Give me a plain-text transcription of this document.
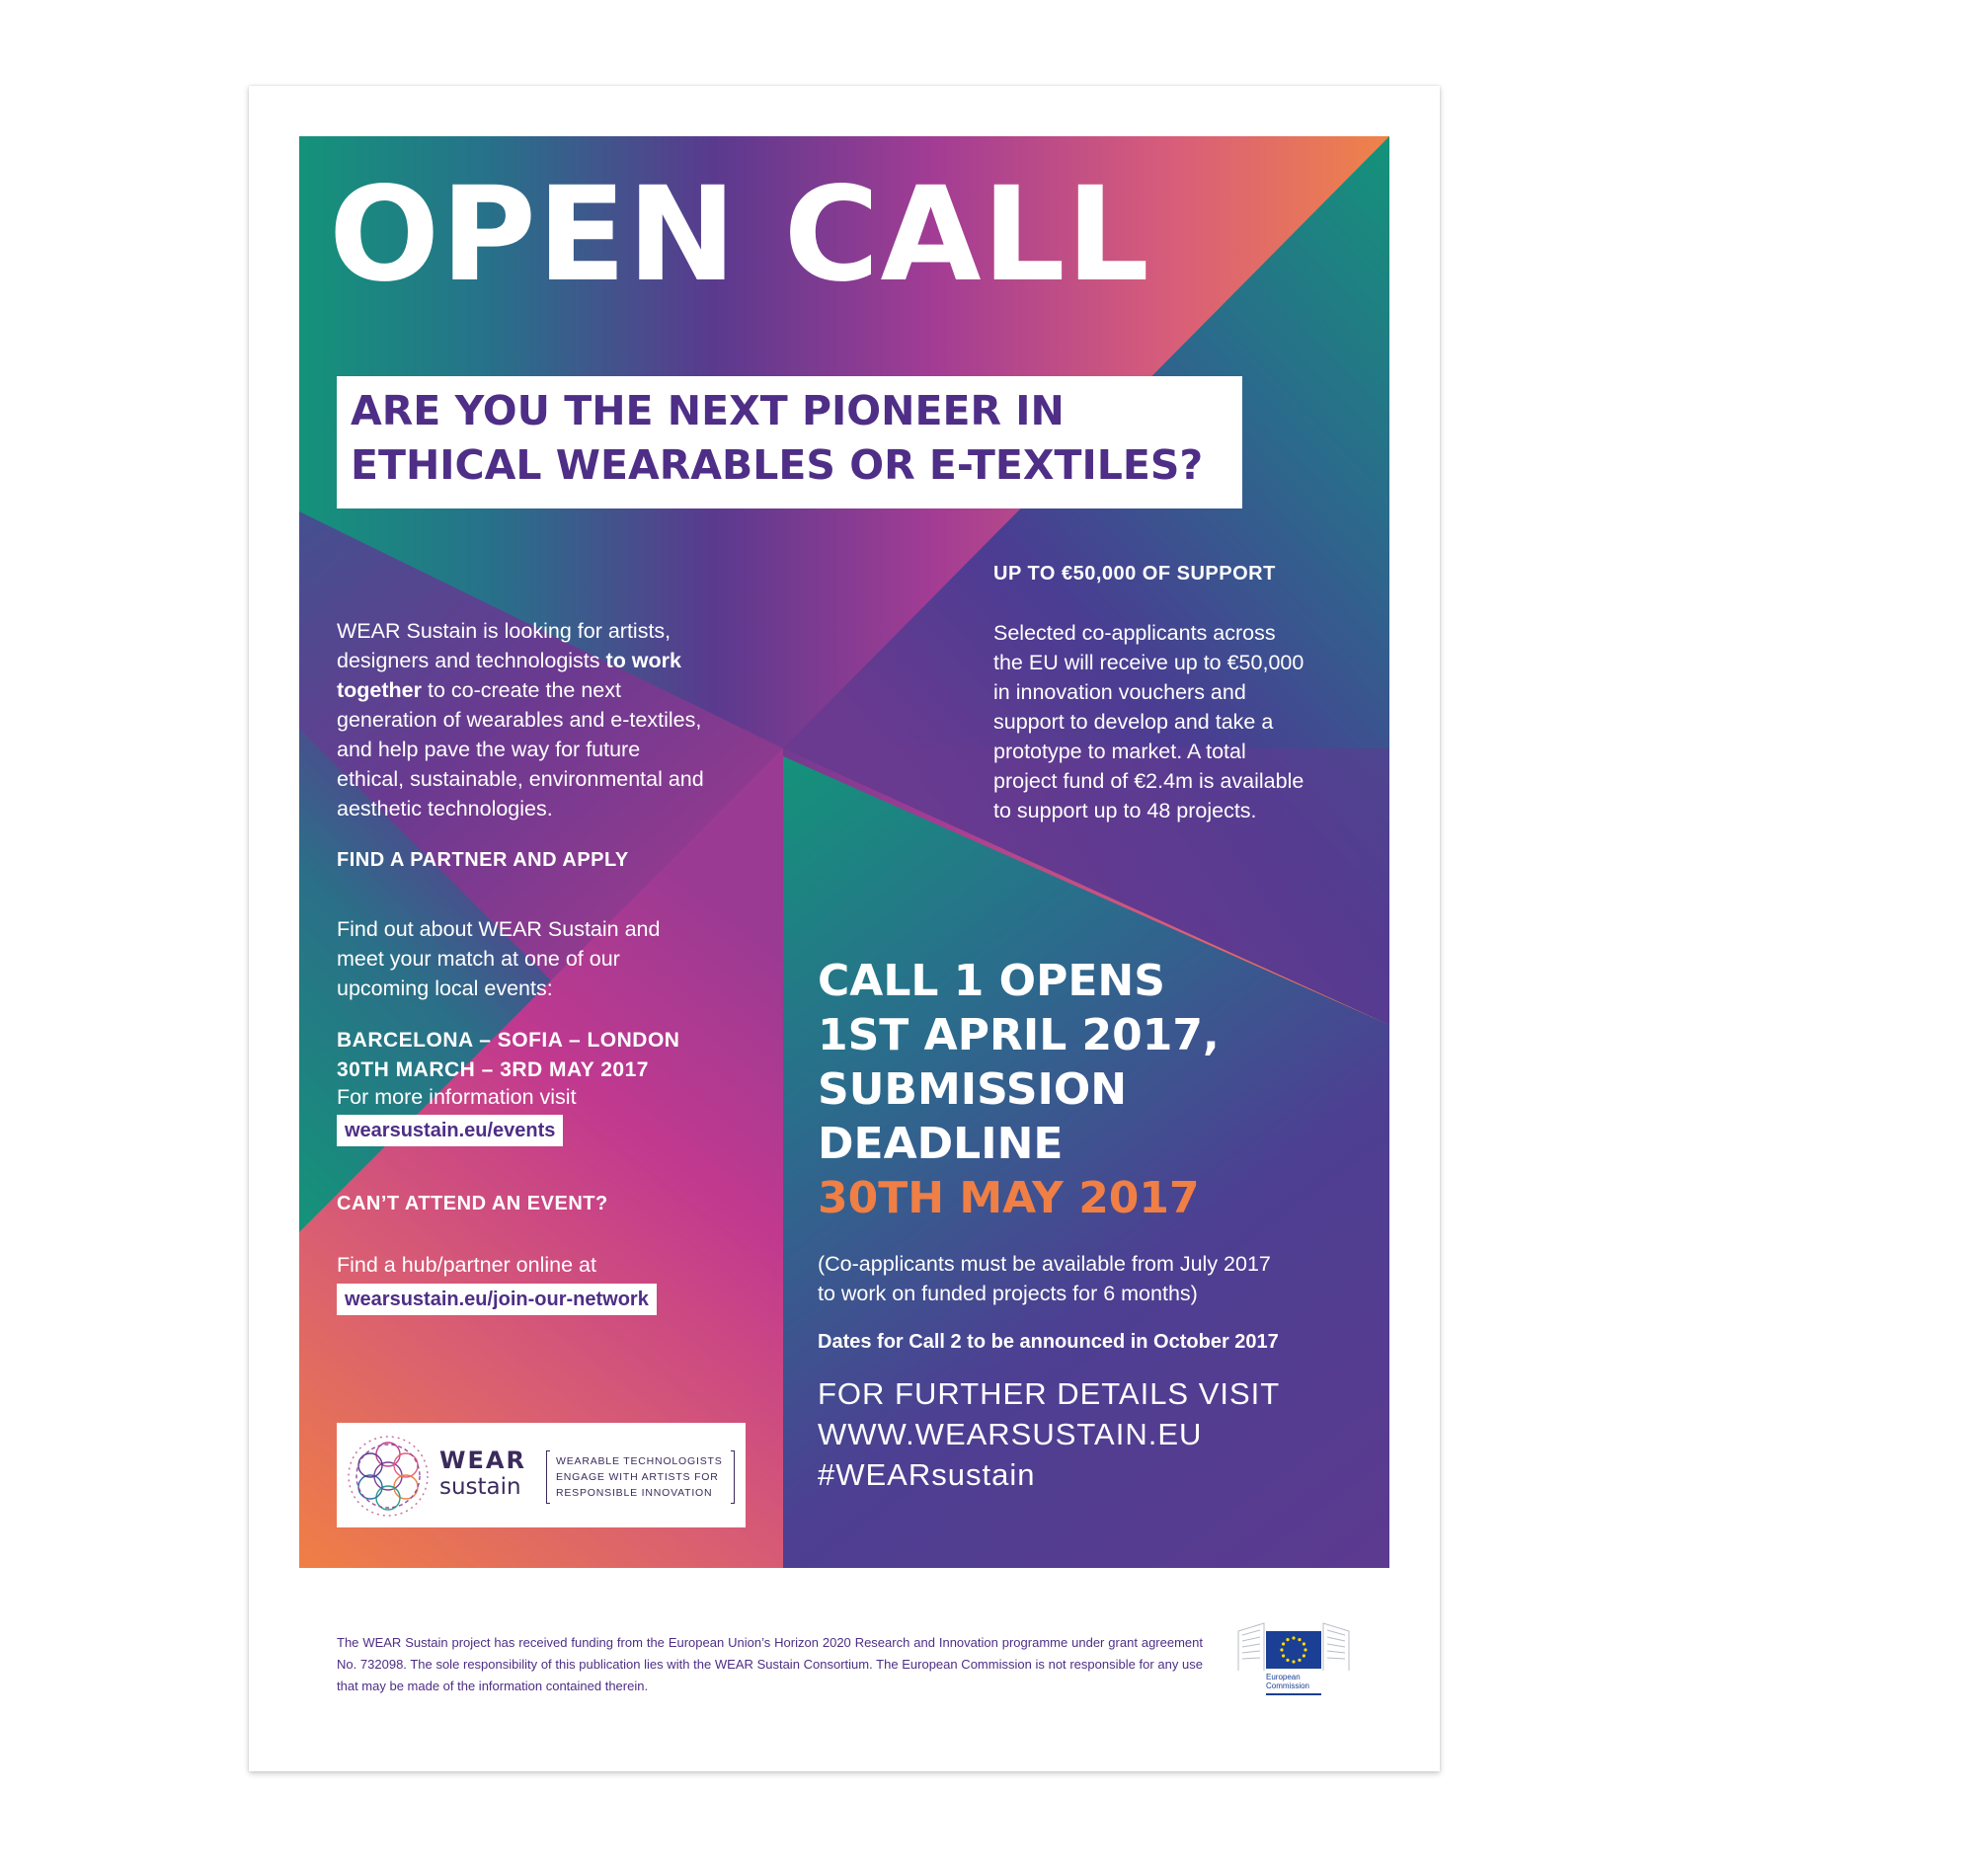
OPEN CALL
ARE YOU THE NEXT PIONEER IN
ETHICAL WEARABLES OR E-TEXTILES?
WEAR Sustain is looking for artists,
designers and technologists to work
together to co-create the next
generation of wearables and e-textiles,
and help pave the way for future
ethical, sustainable, environmental and
aesthetic technologies.
FIND A PARTNER AND APPLY
Find out about WEAR Sustain and
meet your match at one of our
upcoming local events:
BARCELONA – SOFIA – LONDON
30TH MARCH – 3RD MAY 2017
For more information visit
wearsustain.eu/events
CAN’T ATTEND AN EVENT?
Find a hub/partner online at
wearsustain.eu/join-our-network
UP TO €50,000 OF SUPPORT
Selected co-applicants across
the EU will receive up to €50,000
in innovation vouchers and
support to develop and take a
prototype to market. A total
project fund of €2.4m is available
to support up to 48 projects.
CALL 1 OPENS
1ST APRIL 2017,
SUBMISSION
DEADLINE
30TH MAY 2017
(Co-applicants must be available from July 2017
to work on funded projects for 6 months)
Dates for Call 2 to be announced in October 2017
FOR FURTHER DETAILS VISIT
WWW.WEARSUSTAIN.EU
#WEARsustain
WEAR
sustain
WEARABLE TECHNOLOGISTS
ENGAGE WITH ARTISTS FOR
RESPONSIBLE INNOVATION
The WEAR Sustain project has received funding from the European Union’s Horizon 2020 Research and Innovation programme under grant agreement No. 732098. The sole responsibility of this publication lies with the WEAR Sustain Consortium. The European Commission is not responsible for any use that may be made of the information contained therein.
European
Commission
